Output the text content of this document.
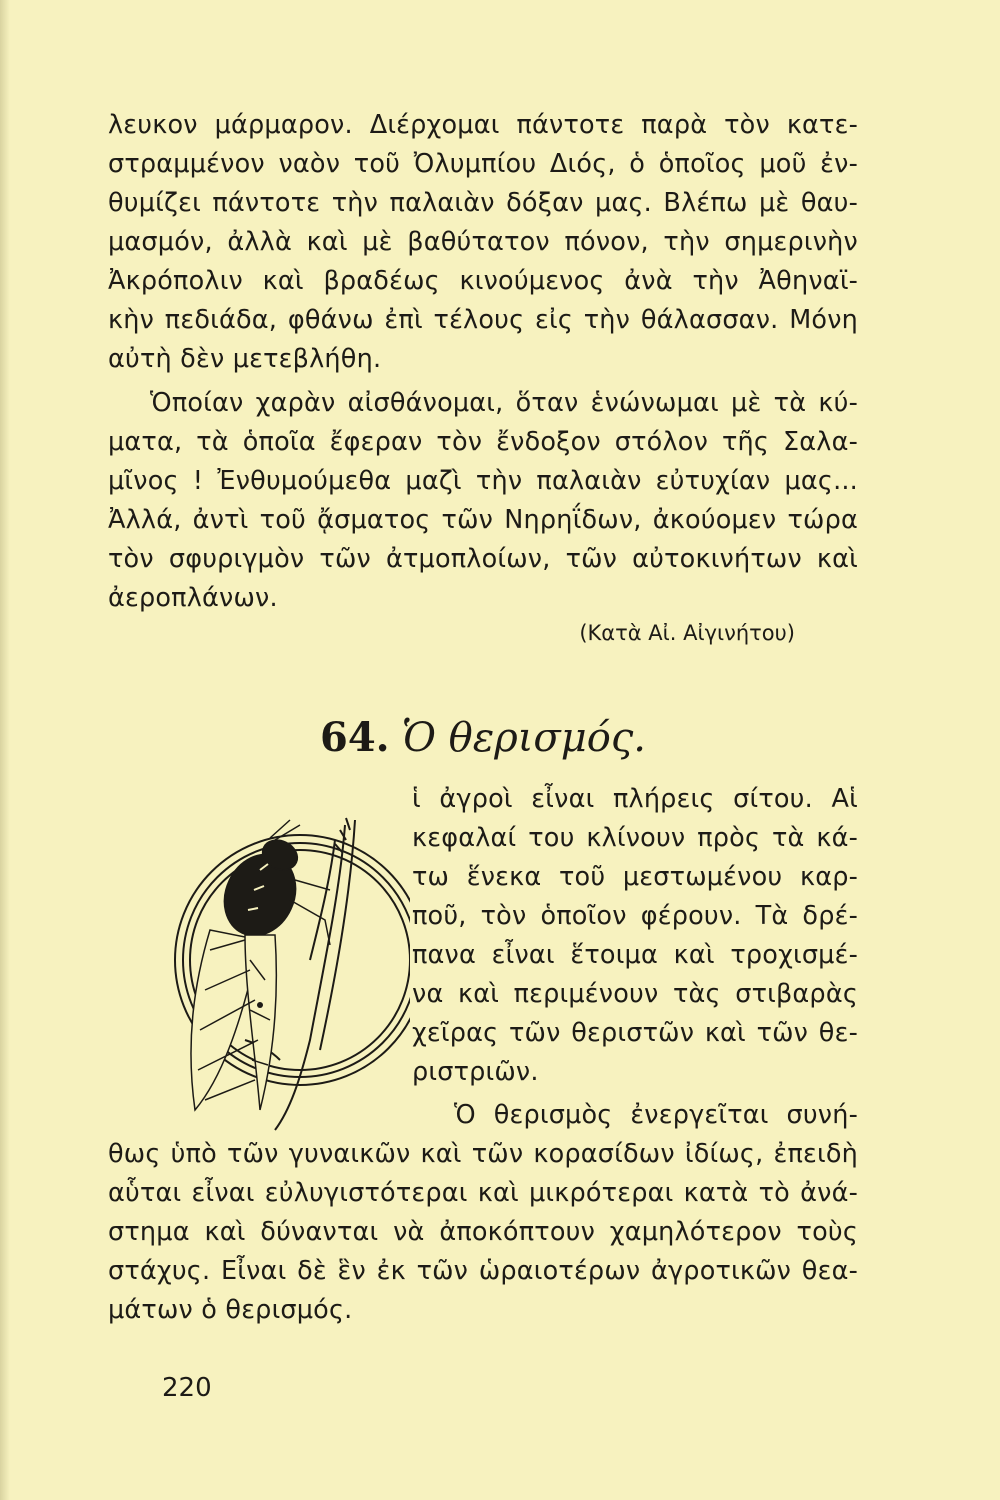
λευκον μάρμαρον. Διέρχομαι πάντοτε παρὰ τὸν κατε-
στραμμένον ναὸν τοῦ Ὀλυμπίου Διός, ὁ ὁποῖος μοῦ ἐν-
θυμίζει πάντοτε τὴν παλαιὰν δόξαν μας. Βλέπω μὲ θαυ-
μασμόν, ἀλλὰ καὶ μὲ βαθύτατον πόνον, τὴν σημερινὴν
Ἀκρόπολιν καὶ βραδέως κινούμενος ἀνὰ τὴν Ἀθηναϊ-
κὴν πεδιάδα, φθάνω ἐπὶ τέλους εἰς τὴν θάλασσαν. Μόνη
αὐτὴ δὲν μετεβλήθη.
Ὁποίαν χαρὰν αἰσθάνομαι, ὅταν ἑνώνωμαι μὲ τὰ κύ-
ματα, τὰ ὁποῖα ἔφεραν τὸν ἔνδοξον στόλον τῆς Σαλα-
μῖνος ! Ἐνθυμούμεθα μαζὶ τὴν παλαιὰν εὐτυχίαν μας...
Ἀλλά, ἀντὶ τοῦ ᾄσματος τῶν Νηρηΐδων, ἀκούομεν τώρα
τὸν σφυριγμὸν τῶν ἀτμοπλοίων, τῶν αὐτοκινήτων καὶ
ἀεροπλάνων.
(Κατὰ Αἰ. Αἰγινήτου)
64. Ὁ θερισμός.
ἱ ἀγροὶ εἶναι πλήρεις σίτου. Αἱ
κεφαλαί του κλίνουν πρὸς τὰ κά-
τω ἕνεκα τοῦ μεστωμένου καρ-
ποῦ, τὸν ὁποῖον φέρουν. Τὰ δρέ-
πανα εἶναι ἕτοιμα καὶ τροχισμέ-
να καὶ περιμένουν τὰς στιβαρὰς
χεῖρας τῶν θεριστῶν καὶ τῶν θε-
ριστριῶν.
Ὁ θερισμὸς ἐνεργεῖται συνή-
θως ὑπὸ τῶν γυναικῶν καὶ τῶν κορασίδων ἰδίως, ἐπειδὴ
αὗται εἶναι εὐλυγιστότεραι καὶ μικρότεραι κατὰ τὸ ἀνά-
στημα καὶ δύνανται νὰ ἀποκόπτουν χαμηλότερον τοὺς
στάχυς. Εἶναι δὲ ἓν ἐκ τῶν ὡραιοτέρων ἀγροτικῶν θεα-
μάτων ὁ θερισμός.
220
